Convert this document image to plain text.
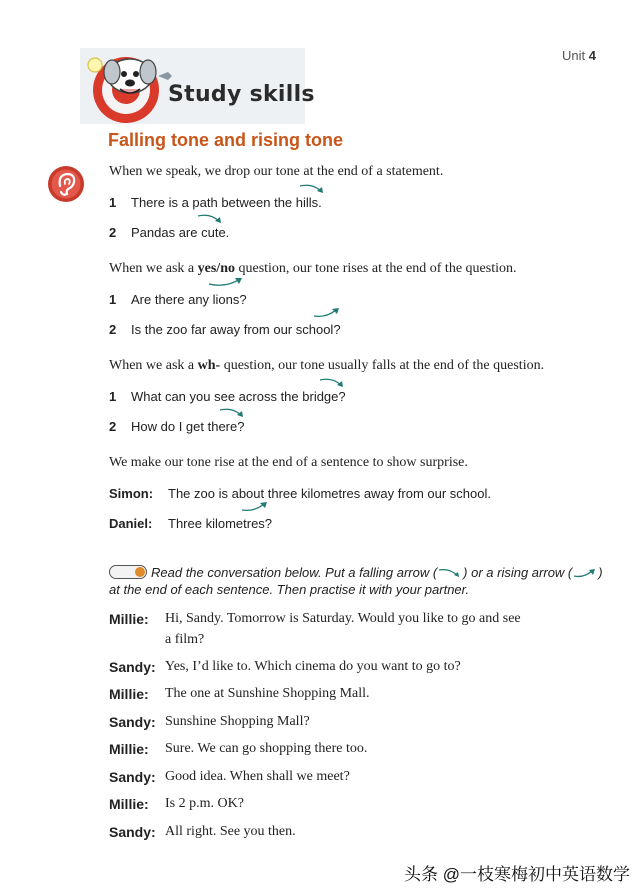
Unit 4
Study skills
Falling tone and rising tone
When we speak, we drop our tone at the end of a statement.
1 There is a path between the hills.
2 Pandas are cute.
When we ask a yes/no question, our tone rises at the end of the question.
1 Are there any lions?
2 Is the zoo far away from our school?
When we ask a wh- question, our tone usually falls at the end of the question.
1 What can you see across the bridge?
2 How do I get there?
We make our tone rise at the end of a sentence to show surprise.
Simon: The zoo is about three kilometres away from our school.
Daniel: Three kilometres?
Read the conversation below. Put a falling arrow ( ) or a rising arrow ( )
at the end of each sentence. Then practise it with your partner.
Millie: Hi, Sandy. Tomorrow is Saturday. Would you like to go and see
a film?
Sandy: Yes, I’d like to. Which cinema do you want to go to?
Millie: The one at Sunshine Shopping Mall.
Sandy: Sunshine Shopping Mall?
Millie: Sure. We can go shopping there too.
Sandy: Good idea. When shall we meet?
Millie: Is 2 p.m. OK?
Sandy: All right. See you then.
头条 @一枝寒梅初中英语数学
